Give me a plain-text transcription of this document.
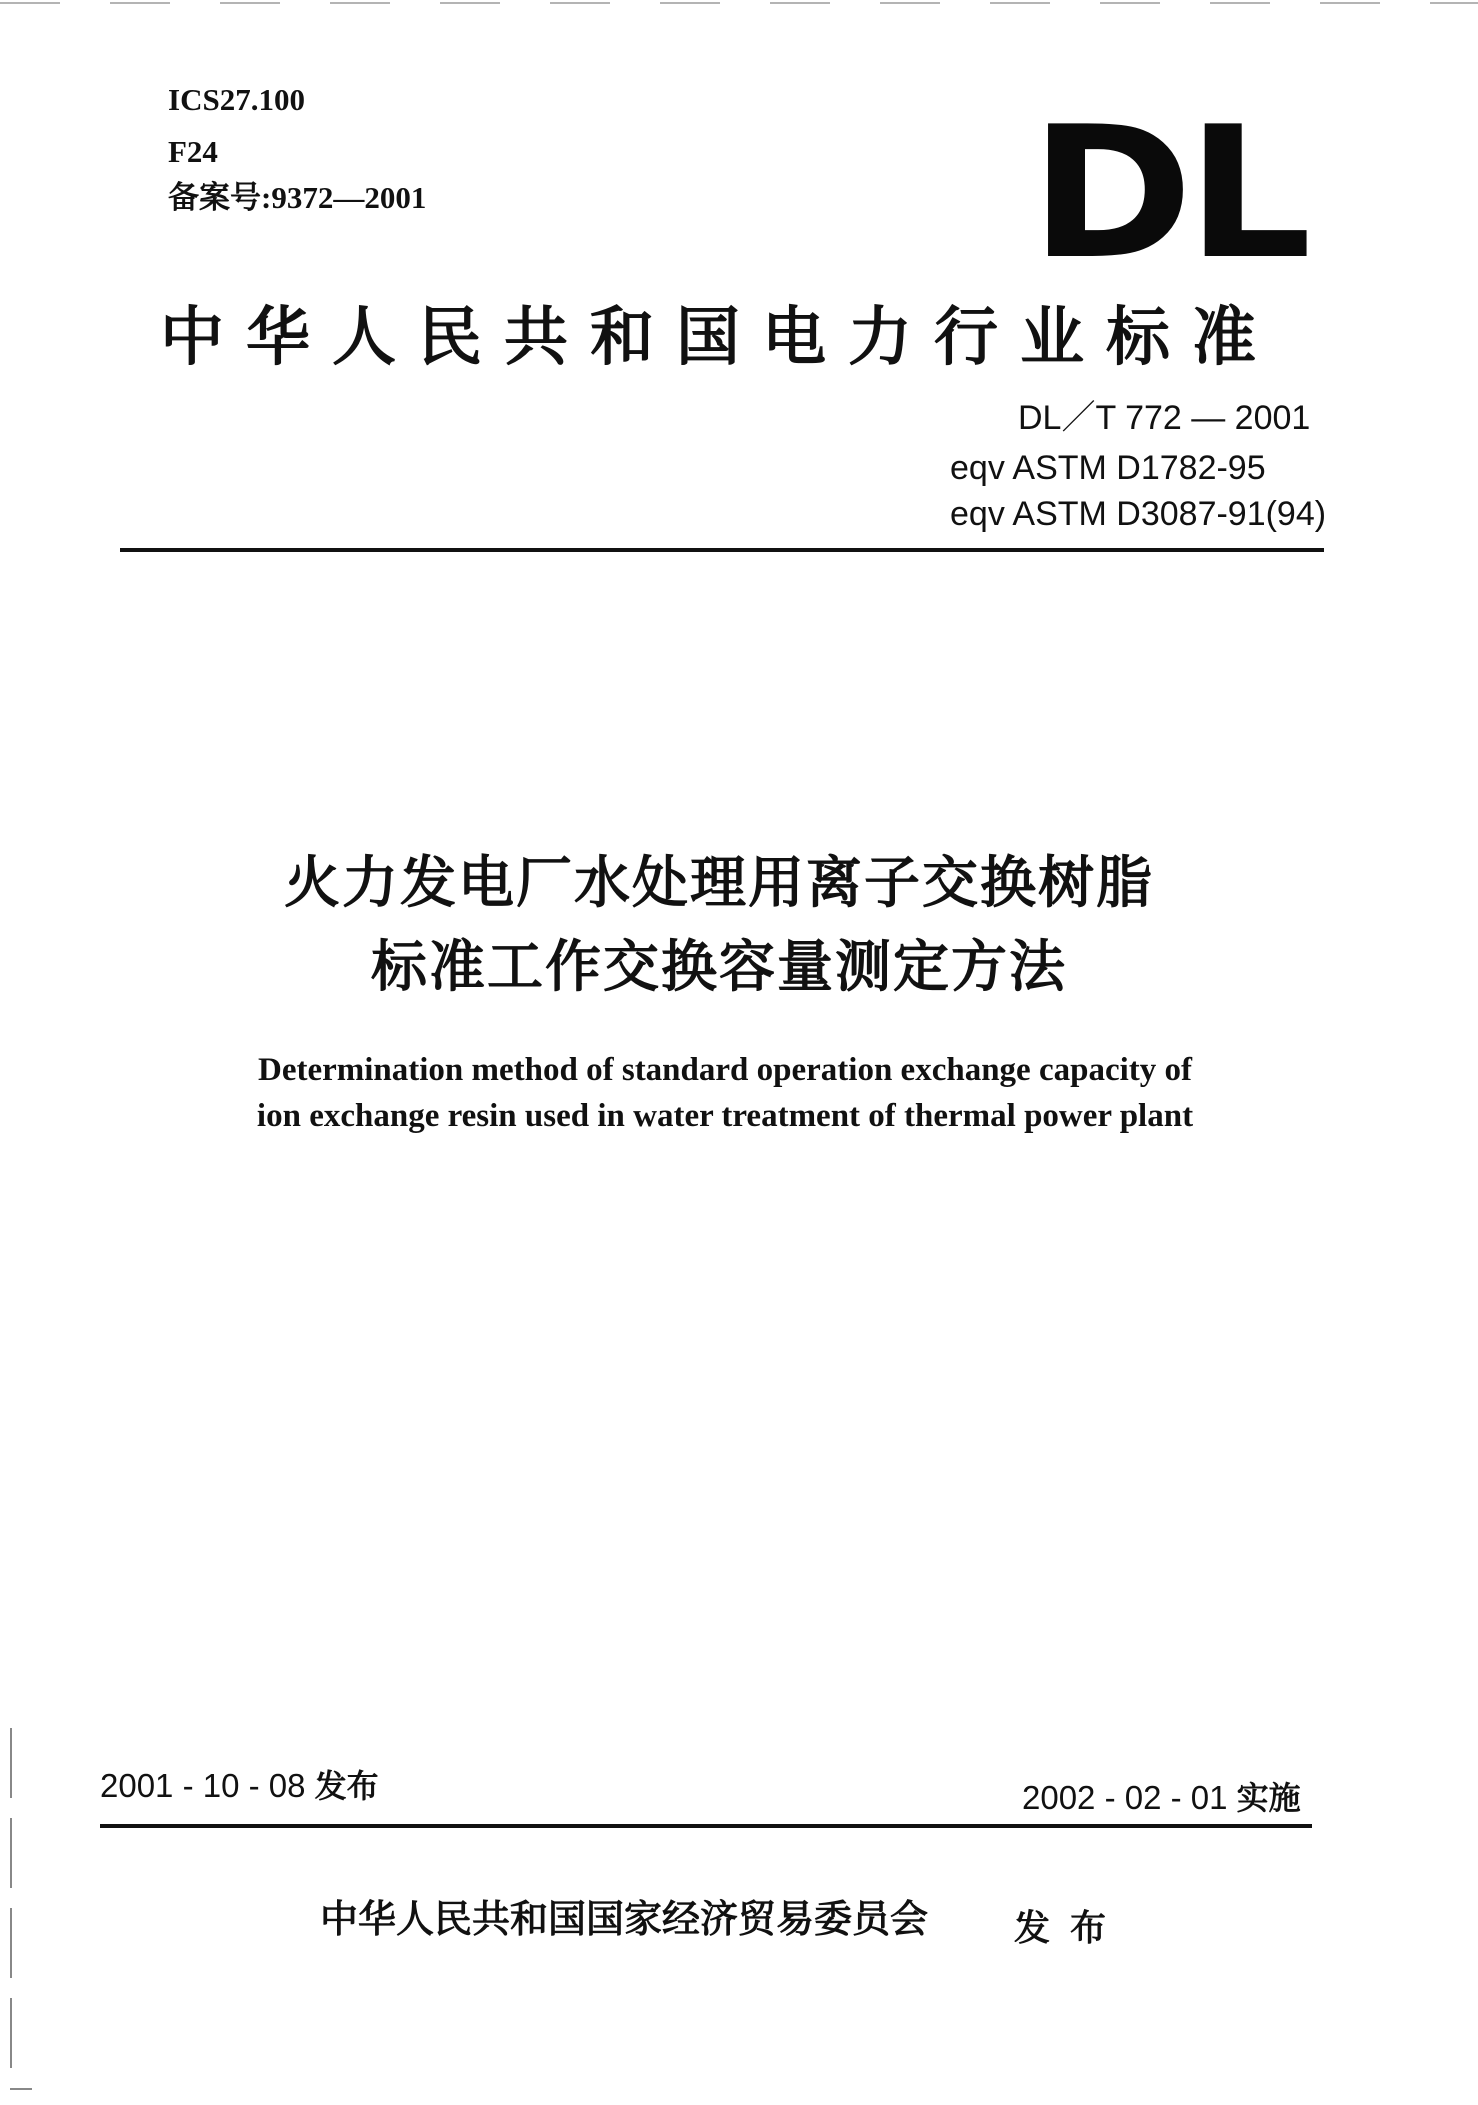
ICS27.100
F24
备案号:9372—2001	DL
中华人民共和国电力行业标准
DL／T 772 — 2001
eqv ASTM D1782-95
eqv ASTM D3087-91(94)
火力发电厂水处理用离子交换树脂
标准工作交换容量测定方法
Determination method of standard operation exchange capacity of
ion exchange resin used in water treatment of thermal power plant
2001 - 10 - 08 发布	2002 - 02 - 01 实施
中华人民共和国国家经济贸易委员会 发布
